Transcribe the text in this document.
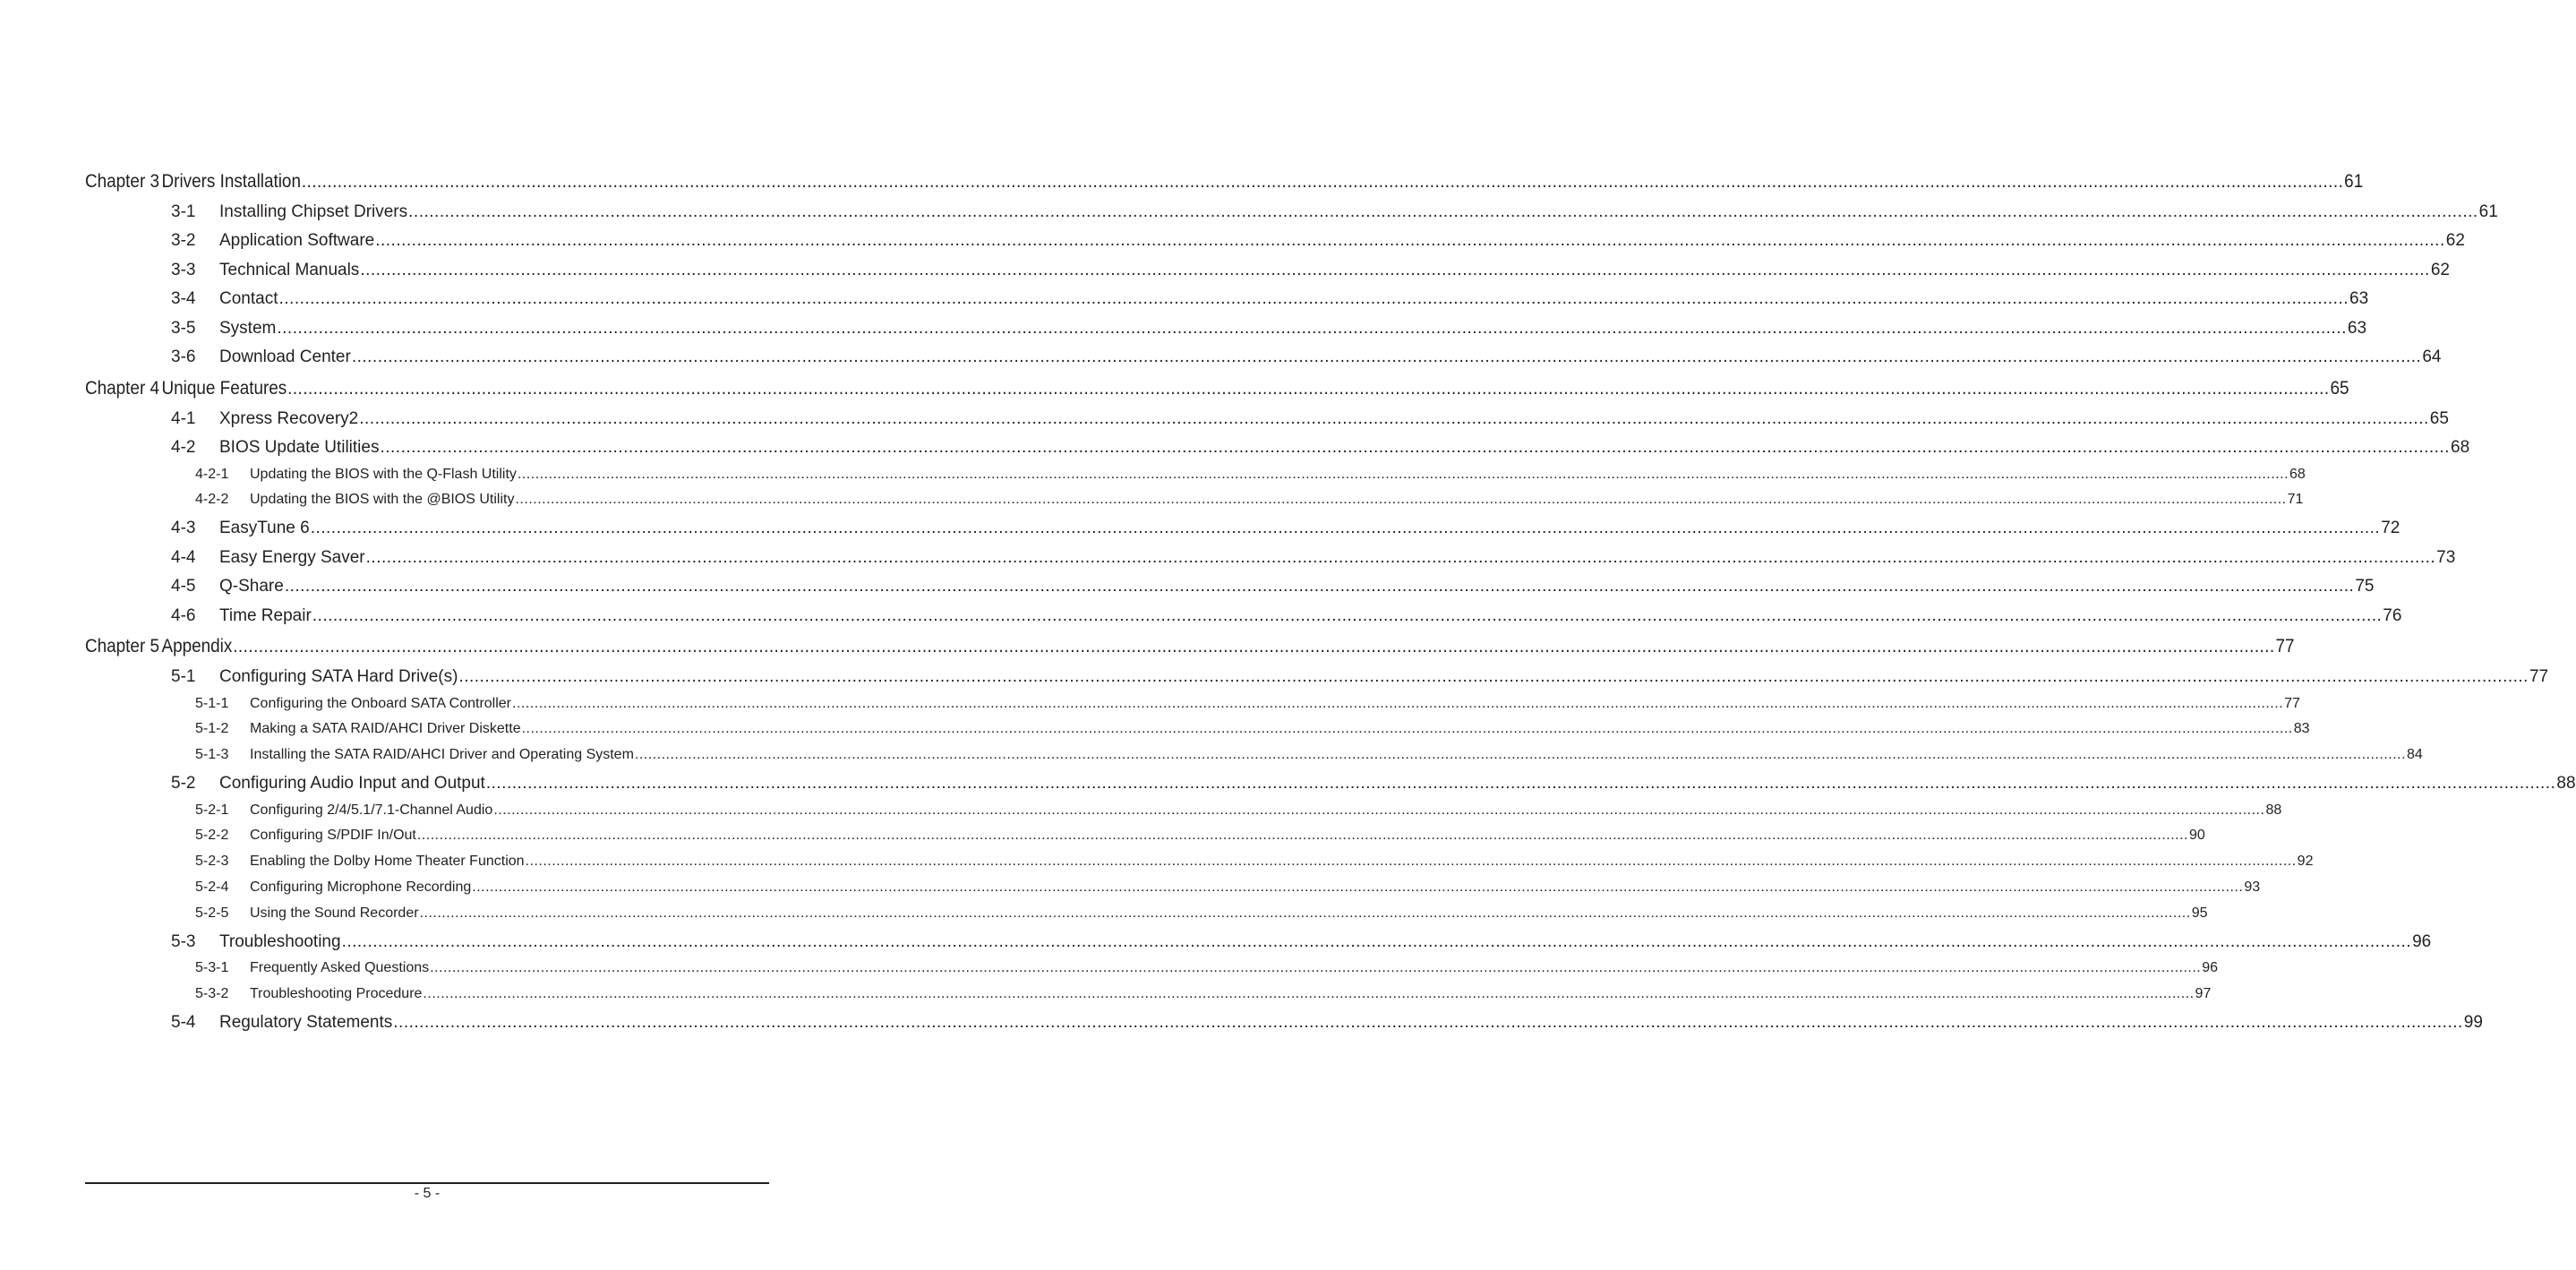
Chapter 3 Drivers Installation ................................................................................................................................................................................................................................................................................................................................................................................................................ 61
3-1	Installing Chipset Drivers ................................................................................................................................................................................................................................................................................................................................................................................................................ 61
3-2	Application Software ................................................................................................................................................................................................................................................................................................................................................................................................................ 62
3-3	Technical Manuals ................................................................................................................................................................................................................................................................................................................................................................................................................ 62
3-4	Contact ................................................................................................................................................................................................................................................................................................................................................................................................................ 63
3-5	System ................................................................................................................................................................................................................................................................................................................................................................................................................ 63
3-6	Download Center ................................................................................................................................................................................................................................................................................................................................................................................................................ 64
Chapter 4 Unique Features ................................................................................................................................................................................................................................................................................................................................................................................................................ 65
4-1	Xpress Recovery2 ................................................................................................................................................................................................................................................................................................................................................................................................................ 65
4-2	BIOS Update Utilities ................................................................................................................................................................................................................................................................................................................................................................................................................ 68
4-2-1	Updating the BIOS with the Q-Flash Utility ................................................................................................................................................................................................................................................................................................................................................................................................................ 68
4-2-2	Updating the BIOS with the @BIOS Utility ................................................................................................................................................................................................................................................................................................................................................................................................................ 71
4-3	EasyTune 6 ................................................................................................................................................................................................................................................................................................................................................................................................................ 72
4-4	Easy Energy Saver ................................................................................................................................................................................................................................................................................................................................................................................................................ 73
4-5	Q-Share ................................................................................................................................................................................................................................................................................................................................................................................................................ 75
4-6	Time Repair ................................................................................................................................................................................................................................................................................................................................................................................................................ 76
Chapter 5 Appendix ................................................................................................................................................................................................................................................................................................................................................................................................................ 77
5-1	Configuring SATA Hard Drive(s) ................................................................................................................................................................................................................................................................................................................................................................................................................ 77
5-1-1	Configuring the Onboard SATA Controller ................................................................................................................................................................................................................................................................................................................................................................................................................ 77
5-1-2	Making a SATA RAID/AHCI Driver Diskette ................................................................................................................................................................................................................................................................................................................................................................................................................ 83
5-1-3	Installing the SATA RAID/AHCI Driver and Operating System ................................................................................................................................................................................................................................................................................................................................................................................................................ 84
5-2	Configuring Audio Input and Output ................................................................................................................................................................................................................................................................................................................................................................................................................ 88
5-2-1	Configuring 2/4/5.1/7.1-Channel Audio ................................................................................................................................................................................................................................................................................................................................................................................................................ 88
5-2-2	Configuring S/PDIF In/Out ................................................................................................................................................................................................................................................................................................................................................................................................................ 90
5-2-3	Enabling the Dolby Home Theater Function ................................................................................................................................................................................................................................................................................................................................................................................................................ 92
5-2-4	Configuring Microphone Recording ................................................................................................................................................................................................................................................................................................................................................................................................................ 93
5-2-5	Using the Sound Recorder ................................................................................................................................................................................................................................................................................................................................................................................................................ 95
5-3	Troubleshooting ................................................................................................................................................................................................................................................................................................................................................................................................................ 96
5-3-1	Frequently Asked Questions ................................................................................................................................................................................................................................................................................................................................................................................................................ 96
5-3-2	Troubleshooting Procedure ................................................................................................................................................................................................................................................................................................................................................................................................................ 97
5-4	Regulatory Statements ................................................................................................................................................................................................................................................................................................................................................................................................................ 99
- 5 -
